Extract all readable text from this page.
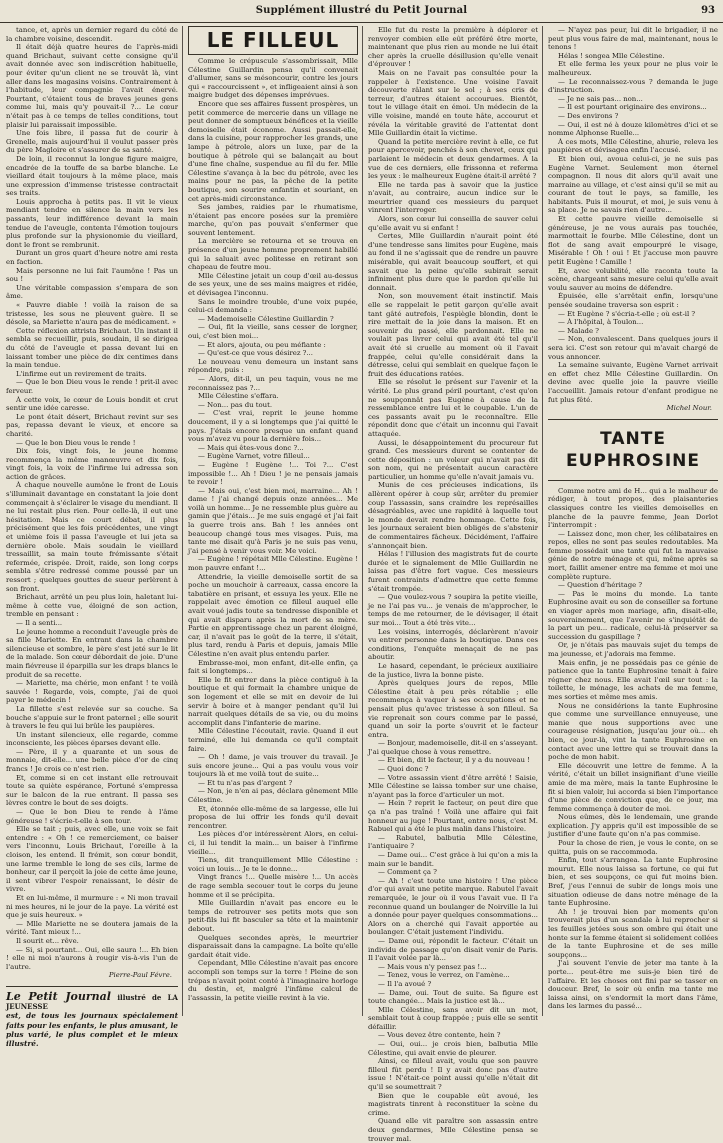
Supplément illustré du Petit Journal	93

tance, et, après un dernier regard du côté de la chambre voisine, descendit.

Il était déjà quatre heures de l'après-midi quand Brichaut, suivant cette consigne qu'il avait donnée avec son indiscrétion habituelle, pour éviter qu'un client ne se trouvât là, vint aller dans les magasins voisins. Contrairement à l'habitude, leur compagnie l'avait énervé. Pourtant, c'étaient tous de braves jeunes gens comme lui, mais qu'y pouvait-il ?... Le cœur n'était pas à ce temps de telles conditions, tout plaisir lui paraissait impossible.

Une fois libre, il passa fut de courir à Grenelle, mais aujourd'hui il voulut passer près du père Magloire et s'assurer de sa santé.

De loin, il reconnut la longue figure maigre, encadrée de la touffe de sa barbe blanche. Le vieillard était toujours à la même place, mais une expression d'immense tristesse contractait ses traits.

Louis approcha à petits pas. Il vit le vieux mendiant tendre en silence la main vers les passants, leur indifférence devant la main tendue de l'aveugle, contenta l'émotion toujours plus profonde sur la physionomie du vieillard, dont le front se rembrunit.

Durant un gros quart d'heure notre ami resta en faction.

Mais personne ne lui fait l'aumône ! Pas un sou !

Une véritable compassion s'empara de son âme.

« Pauvre diable ! voilà la raison de sa tristesse, les sous ne pleuvent guère. Il se désole, sa Mariette n'aura pas de médicament. »

Cette réflexion attrista Brichaut. Un instant il sembla se recueillir, puis, soudain, il se dirigea du côté de l'aveugle et passa devant lui en laissant tomber une pièce de dix centimes dans la main tendue.

L'infirme eut un revirement de traits.

— Que le bon Dieu vous le rende ! prit-il avec ferveur.

À cette voix, le cœur de Louis bondit et crut sentir une idée caresse.

Le pont était désert, Brichaut revint sur ses pas, repassa devant le vieux, et encore sa charité.

— Que le bon Dieu vous le rende !

Dix fois, vingt fois, le jeune homme recommença la même manœuvre et dix fois, vingt fois, la voix de l'infirme lui adressa son action de grâces.

À chaque nouvelle aumône le front de Louis s'illuminait davantage en constatant la joie dont commençait à s'éclairer le visage du mendiant. Il ne lui restait plus rien. Pour celle-là, il eut une hésitation. Mais ce court débat, il plus précisément que les fois précédentes, une vingt et unième fois il passa l'aveugle et lui jeta sa dernière obole. Mais soudain le vieillard tressaillit, sa main toute frémissante s'était refermée, crispée. Droit, raide, son long corps sembla s'être redressé comme poussé par un ressort ; quelques gouttes de sueur perlèrent à son front.

Brichaut, arrêté un peu plus loin, haletant lui-même à cette vue, éloigné de son action, tremble en pensant :

— Il a senti...

Le jeune homme a reconduit l'aveugle près de sa fille Mariette. En entrant dans la chambre silencieuse et sombre, le père s'est jeté sur le lit de la malade. Son cœur débordait de joie. D'une main fiévreuse il éparpilla sur les draps blancs le produit de sa recette.

— Mariette, ma chérie, mon enfant ! te voilà sauvée ! Regarde, vois, compte, j'ai de quoi payer le médecin !

La fillette s'est relevée sur sa couche. Sa bouche s'appuie sur le front paternel ; elle sourit à travers le feu qui lui brûle les paupières.

Un instant silencieux, elle regarde, comme inconsciente, les pièces éparses devant elle.

— Père, il y a quarante et un sous de monnaie, dit-elle... une belle pièce d'or de cinq francs ! Je crois ce n'est rien.

Et, comme si en cet instant elle retrouvait toute sa quiète espérance, Fortuné s'empressa sur le balcon de la rue entrant. Il passa ses lèvres contre le bout de ses doigts.

— Que le bon Dieu te rende à l'âme généreuse ! s'écrie-t-elle à son tour.

Elle se tait ; puis, avec elle, une voix se fait entendre : « Oh ! ce remerciement, ce baiser vers l'inconnu, Louis Brichaut, l'oreille à la cloison, les entend. Il frémit, son cœur bondit, une larme tremble le long de ses cils, larme de bonheur, car il perçoit la joie de cette âme jeune, il sent vibrer l'espoir renaissant, le désir de vivre.

Et en lui-même, il murmure : « Ni mon travail ni mes heures, ni le jour de la paye. La vérité est que je suis heureux. »

— Mlle Mariette ne se doutera jamais de la vérité. Tant mieux !...

Il sourit et... rêve.

— Si, si pourtant... Oui, elle saura !... Eh bien ! elle ni moi n'aurons à rougir vis-à-vis l'un de l'autre.

Pierre-Paul Févre.
Le Petit Journal illustré de LA JEUNESSE
est, de tous les journaux spécialement faits pour les enfants, le plus amusant, le plus varié, le plus complet et le mieux illustré.
LE FILLEUL

Comme le crépuscule s'assombrissait, Mlle Célestine Guillardin pensa qu'il convenait d'allumer, sans se mésoncourir, contre les jours qui « raccourcissent », et infligeaient ainsi à son maigre budget des dépenses imprévues.

Encore que ses affaires fussent prospères, un petit commerce de mercerie dans un village ne peut donner de somptueux bénéfices et la vieille demoiselle était économe. Aussi passait-elle, dans la cuisine, pour rapprocher les grands, une lampe à pétrole, alors un luxe, par de la boutique à pétrole qui se balançait au bout d'une fine chaîne, suspendue au fil du fer. Mlle Célestine s'avança à la bec du pétrole, avec les mains pour ne pas, la pêche de la petite boutique, son sourire enfantin et souriant, en cet après-midi circonstance.

Ses jambes, raidies par le rhumatisme, n'étaient pas encore posées sur la première marche, qu'on pas pouvait s'enfermer que souvent lentement.

La mercière se retourna et se trouva en présence d'un jeune homme proprement habillé qui la saluait avec politesse en retirant son chapeau de feutre mou.

Mlle Célestine jetait un coup d'œil au-dessus de ses yeux, une de ses mains maigres et ridée, et dévisagea l'inconnu.

Sans le moindre trouble, d'une voix pupée, celui-ci demanda :

— Mademoiselle Célestine Guillardin ?

— Oui, fit la vieille, sans cesser de lorgner, oui, c'est bien moi...

— Et alors, ajouta, ou peu méfiante :

— Qu'est-ce que vous désirez ?...

Le nouveau venu demeura un instant sans répondre, puis :

— Alors, dit-il, un peu taquin, vous ne me reconnaissez pas ?...

Mlle Célestine s'effara.

— Non... pas du tout.

— C'est vrai, reprit le jeune homme doucement, il y a si longtemps que j'ai quitté le pays. J'étais encore presque un enfant quand vous m'avez vu pour la dernière fois...

— Mais qui êtes-vous donc ?...

— Eugène Varnet, votre filleul...

— Eugène ! Eugène !... Toi ?... C'est impossible !... Ah ! Dieu ! je ne pensais jamais te revoir !

— Mais oui, c'est bien moi, marraine... Ah ! dame ! j'ai changé depuis onze années... Me voilà un homme... Je ne ressemble plus guère au gamin que j'étais... Je me suis engagé et j'ai fait la guerre trois ans. Bah ! les années ont beaucoup changé tous mes visages. Puis, ma tante me disait qu'à Paris je ne suis pas venu, j'ai pensé à venir vous voir. Me voici.

— Eugène ! répétait Mlle Célestine. Eugène ! mon pauvre enfant !...

Attendrie, la vieille demoiselle sortit de sa poche un mouchoir à carreaux, cassa encore la tabatière en prisant, et essuya les yeux. Elle ne rappelait avec émotion ce filleul auquel elle avait voué jadis toute sa tendresse disponible et qui avait disparu après la mort de sa mère. Partie en apprentissage chez un parent éloigné, car, il n'avait pas le goût de la terre, il s'était, plus tard, rendu à Paris et depuis, jamais Mlle Célestine n'en avait plus entendu parler.

Embrasse-moi, mon enfant, dit-elle enfin, ça fait si longtemps...

Elle le fit entrer dans la pièce contiguë à la boutique et qui formait la chambre unique de son logement et elle se mit en devoir de lui servir à boire et à manger pendant qu'il lui narrait quelques détails de sa vie, ou du moins accomplit dans l'infanterie de marine.

Mlle Célestine l'écoutait, ravie. Quand il eut terminé, elle lui demanda ce qu'il comptait faire.

— Oh ! dame, je vais trouver du travail. Je suis encore jeune... Qui a pas voulu vous voir toujours là et me voilà tout de suite...

— Et tu n'as pas d'argent ?

— Non, je n'en ai pas, déclara gênement Mlle Célestine.

Et, étonnée elle-même de sa largesse, elle lui proposa de lui offrir les fonds qu'il devait rencontrer.

Les pièces d'or intéressèrent Alors, en celui-ci, il lui tendit la main... un baiser à l'infirme vieille...

Tiens, dit tranquillement Mlle Célestine : voici un louis... Je te le donne...

Vingt francs !... Quelle misère !... Un accès de rage sembla secouer tout le corps du jeune homme et il se précipita.

Mlle Guillardin n'avait pas encore eu le temps de retrouver ses petits mots que son petit-fils lui fit basculer sa tête et la maintenir debout.

Quelques secondes après, le meurtrier disparaissait dans la campagne. La boîte qu'elle gardait était vide.

Cependant, Mlle Célestine n'avait pas encore accompli son temps sur la terre ! Pleine de son trépas n'avait point conté à l'imaginaire horloge du destin, et, malgré l'infâme calcul de l'assassin, la petite vieille revint à la vie.

Elle fut du reste la première à déplorer et renvoyer combien elle eût préféré être morte, maintenant que plus rien au monde ne lui était cher après la cruelle désillusion qu'elle venait d'éprouver !

Mais on ne l'avait pas consultée pour la rappeler à l'existence. Une voisine l'avait découverte râlant sur le sol ; à ses cris de terreur, d'autres étaient accourues. Bientôt, tout le village était en émoi. Un médecin de la ville voisine, mandé en toute hâte, accourut et révéla la véritable gravité de l'attentat dont Mlle Guillardin était la victime.

Quand la petite mercière revint à elle, ce fut pour apercevoir, penchés à son chevet, ceux qui parlaient le médecin et deux gendarmes. À la vue de ces derniers, elle frissonna et referma les yeux : le malheureux Eugène était-il arrêté ?

Elle ne tarda pas à savoir que la justice n'avait, au contraire, aucun indice sur le meurtrier quand ces messieurs du parquet vinrent l'interroger.

Alors, son cœur lui conseilla de sauver celui qu'elle avait vu si enfant !

Certes, Mlle Guillardin n'aurait point été d'une tendresse sans limites pour Eugène, mais au fond il ne s'agissait que de rendre un pauvre misérable, qui avait beaucoup souffert, et qui savait que la peine qu'elle subirait serait infiniment plus dure que le pardon qu'elle lui donnait.

Non, son mouvement était instinctif. Mais elle se rappelait le petit garçon qu'elle avait tant gâté autrefois, l'espiègle blondin, dont le rire mettait de la joie dans la maison. Et en souvenir du passé, elle pardonnait. Elle ne voulait pas livrer celui qui avait été tel qu'il avait été si cruelle au moment où il l'avait frappée, celui qu'elle considérait dans la détresse, celui qui semblait en quelque façon le fruit des éducations ratées.

Elle se résolut le présent sur l'avenir et la vérité. Le plus grand péril pourtant, c'est qu'on ne soupçonnât pas Eugène à cause de la ressemblance entre lui et le coupable. L'un de ces passants avait pu le reconnaître. Elle répondit donc que c'était un inconnu qui l'avait attaquée.

Aussi, le désappointement du procureur fut grand. Ces messieurs durent se contenter de cette déposition : un voleur qui n'avait pas dit son nom, qui ne présentait aucun caractère particulier, un homme qu'elle n'avait jamais vu.

Munis de ces précieuses indications, ils allèrent opérer à coup sûr, arrêter du premier coup l'assassin, sans craindre les représailles désagréables, avec une rapidité à laquelle tout le monde devait rendre hommage. Cette fois, les journaux seraient bien obligés de s'abstenir de commentaires fâcheux. Décidément, l'affaire s'annonçait bien.

Hélas ! l'illusion des magistrats fut de courte durée et le signalement de Mlle Guillardin ne laissa pas d'être fort vague. Ces messieurs furent contraints d'admettre que cette femme s'était trompée.

— Que voulez-vous ? soupira la petite vieille, je ne l'ai pas vu... je venais de m'approcher, le temps de me retourner, de le dévisager, il était sur moi... Tout a été très vite...

Les voisins, interrogés, déclarèrent n'avoir vu entrer personne dans la boutique. Dans ces conditions, l'enquête menaçait de ne pas aboutir.

Le hasard, cependant, le précieux auxiliaire de la justice, livra la bonne piste.

Après quelques jours de repos, Mlle Célestine était à peu près rétablie ; elle recommença à vaquer à ses occupations et ne pensait plus qu'avec tristesse à son filleul. Sa vie reprenait son cours comme par le passé, quand un soir la porte s'ouvrit et le facteur entra.

— Bonjour, mademoiselle, dit-il en s'asseyant. J'ai quelque chose à vous remettre.

— Et bien, dit le facteur, il y a du nouveau !

— Quoi donc ?

— Votre assassin vient d'être arrêté ! Saisie, Mlle Célestine se laissa tomber sur une chaise, n'ayant pas la force d'articuler un mot.

— Hein ? reprit le facteur, on peut dire que ça n'a pas traîné ! Voilà une affaire qui fait honneur au juge ! Pourtant, entre nous, c'est M. Rabuel qui a été le plus malin dans l'histoire.

— Rabutel, balbutia Mlle Célestine, l'antiquaire ?

— Dame oui... C'est grâce à lui qu'on a mis la main sur le bandit.

— Comment ça ?

— Ah ! c'est toute une histoire ! Une pièce d'or qui avait une petite marque. Rabutel l'avait remarquée, le jour où il vous l'avait vue. Il l'a reconnue quand un boulanger de Noirville la lui a donnée pour payer quelques consommations... Alors on a cherché qui l'avait apportée au boulanger. C'était justement l'individu.

— Dame oui, répondit le facteur. C'était un individu de passage qu'on disait venir de Paris. Il l'avait volée par là...

— Mais vous n'y pensez pas !...

— Tenez, vous le verrez, on l'amène...

— Il l'a avoué ?

— Dame, oui. Tout de suite. Sa figure est toute changée... Mais la justice est là...

Mlle Célestine, sans avoir dit un mot, semblait tout à coup frappée ; puis elle se sentit défaillir.

— Vous devez être contente, hein ?

— Oui, oui... je crois bien, balbutia Mlle Célestine, qui avait envie de pleurer.

Ainsi, ce filleul avait, voulu que son pauvre filleul fût perdu ! Il y avait donc pas d'autre issue ! N'était-ce point aussi qu'elle n'était dit qu'il se soumettrait ?

Bien que le coupable eût avoué, les magistrats tinrent à reconstituer la scène du crime.

Quand elle vit paraître son assassin entre deux gendarmes, Mlle Célestine pensa se trouver mal.

— N'ayez pas peur, lui dit le brigadier, il ne peut plus vous faire de mal, maintenant, nous le tenons !

Hélas ! songea Mlle Célestine.

Et elle ferma les yeux pour ne plus voir le malheureux.

— Le reconnaissez-vous ? demanda le juge d'instruction.

— Je ne sais pas... non...

— Il est pourtant originaire des environs...

— Des environs ?

— Oui, il est né à douze kilomètres d'ici et se nomme Alphonse Ruelle...

À ces mots, Mlle Célestine, ahurie, releva les paupières et dévisagea enfin l'accusé.

Et bien oui, avoua celui-ci, je ne suis pas Eugène Varnet. Seulement mon éternel compagnon. Il nous dit alors qu'il avait une marraine au village, et c'est ainsi qu'il se mit au courant de tout le pays, sa famille, les habitants. Puis il mourut, et moi, je suis venu à sa place. Je ne savais rien d'autre...

Et cette pauvre vieille demoiselle si généreuse, je ne vous aurais pas touchée, marmottait le fourbe. Mlle Célestine, dont un flot de sang avait empourpré le visage, Misérable ! Oh ! oui ! Et j'accuse mon pauvre petit Eugène ! Camille !

Et, avec volubilité, elle raconta toute la scène, chargeant sans mesure celui qu'elle avait voulu sauver au moins de défendre.

Épuisée, elle s'arrêtait enfin, lorsqu'une pensée soudaine traversa son esprit :

— Et Eugène ? s'écria-t-elle ; où est-il ?

— À l'hôpital, à Toulon...

— Malade ?

— Non, convalescent. Dans quelques jours il sera ici. C'est son retour qui m'avait chargé de vous annoncer.

La semaine suivante, Eugène Varnet arrivait en effet chez Mlle Célestine Guillardin. On devine avec quelle joie la pauvre vieille l'accueillit. Jamais retour d'enfant prodigue ne fut plus fêté.

Michel Nour.
TANTE EUPHROSINE

Comme notre ami de H... qui a le malheur de rédiger, à tout propos, des plaisanteries classiques contre les vieilles demoiselles en planche de la pauvre femme, Jean Dorlot l'interrompit :

— Laissez donc, mon cher, les célibataires en repos, elles ne sont pas seules redoutables. Ma femme possédait une tante qui fut la mauvaise génie de notre ménage et qui, même après sa mort, faillit amener entre ma femme et moi une complète rupture.

— Question d'héritage ?

— Pas le moins du monde. La tante Euphrosine avait eu son de conseiller sa fortune en viager après mon mariage, afin, disait-elle, souverainement, que l'avenir ne s'inquiétât de la part un peu... radicale, celui-là préserver sa succession du gaspillage ?

Or, je n'étais pas mauvais sujet du temps de ma jeunesse, et j'adorais ma femme.

Mais enfin, je ne possédais pas ce génie de patience que la tante Euphrosine tenait à faire régner chez nous. Elle avait l'œil sur tout : la toilette, le ménage, les achats de ma femme, mes sorties et même mes amis.

Nous ne considérions la tante Euphrosine que comme une surveillance ennuyeuse, une manie que nous supportions avec une courageuse résignation, jusqu'au jour où... eh bien, ce jour-là, vint la tante Euphrosine en contact avec une lettre qui se trouvait dans la poche de mon habit.

Elle découvrit une lettre de femme. À la vérité, c'était un billet insignifiant d'une vieille amie de ma mère, mais la tante Euphrosine le fit si bien valoir, lui accorda si bien l'importance d'une pièce de conviction que, de ce jour, ma femme commença à douter de moi.

Nous eûmes, dès le lendemain, une grande explication. J'y appris qu'il est impossible de se justifier d'une faute qu'on n'a pas commise.

Pour la chose de rien, je vous le conte, on se quitta, puis on se raccommoda.

Enfin, tout s'arrangea. La tante Euphrosine mourut. Elle nous laissa sa fortune, ce qui fut bien, et ses soupçons, ce qui fut moins bien. Bref, j'eus l'ennui de subir de longs mois une situation odieuse de dans notre ménage de la tante Euphrosine.

Ah ! je trouvai bien par moments qu'on trouverait plus d'un scandale à lui reprocher si les feuilles jetées sous son ombre qui était une honte sur la femme étaient si solidement collées de la tante Euphrosine et de ses mille soupçons...

J'ai souvent l'envie de jeter ma tante à la porte... peut-être me suis-je bien tiré de l'affaire. Et les choses ont fini par se tasser en douceur. Bref, le soir où enfin ma tante me laissa ainsi, on s'endormit la mort dans l'âme, dans les larmes du passé...
